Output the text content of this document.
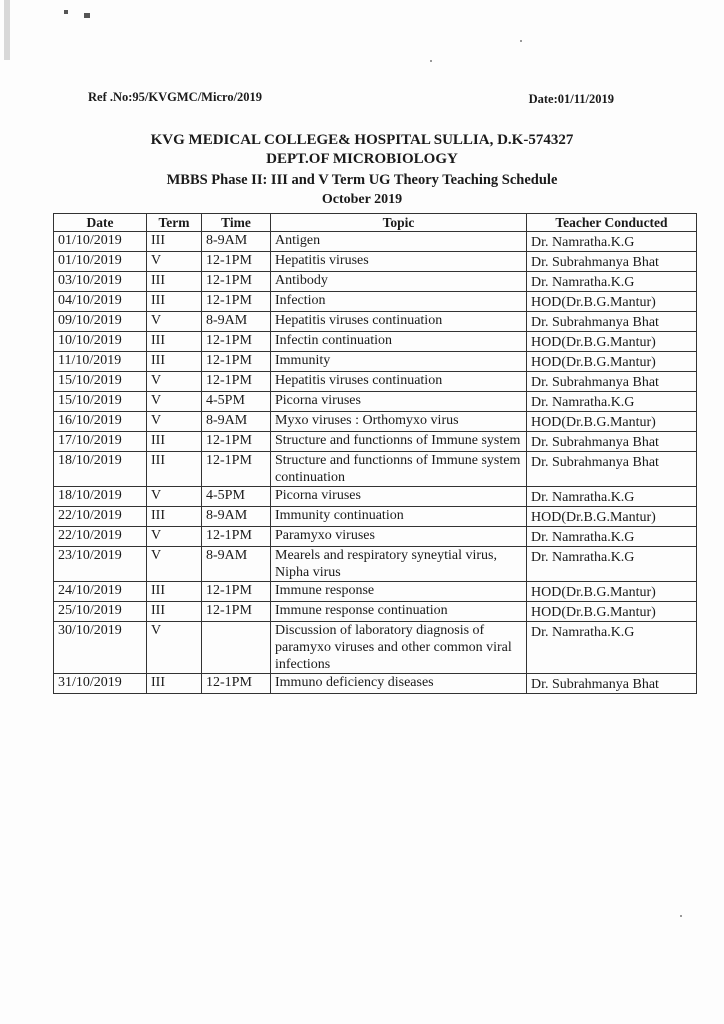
Ref .No:95/KVGMC/Micro/2019	Date:01/11/2019
KVG MEDICAL COLLEGE& HOSPITAL SULLIA, D.K-574327
DEPT.OF MICROBIOLOGY
MBBS Phase II: III and V Term UG Theory Teaching Schedule
October 2019
Date	Term	Time	Topic	Teacher Conducted
01/10/2019	III	8-9AM	Antigen	Dr. Namratha.K.G
01/10/2019	V	12-1PM	Hepatitis viruses	Dr. Subrahmanya Bhat
03/10/2019	III	12-1PM	Antibody	Dr. Namratha.K.G
04/10/2019	III	12-1PM	Infection	HOD(Dr.B.G.Mantur)
09/10/2019	V	8-9AM	Hepatitis viruses continuation	Dr. Subrahmanya Bhat
10/10/2019	III	12-1PM	Infectin continuation	HOD(Dr.B.G.Mantur)
11/10/2019	III	12-1PM	Immunity	HOD(Dr.B.G.Mantur)
15/10/2019	V	12-1PM	Hepatitis viruses continuation	Dr. Subrahmanya Bhat
15/10/2019	V	4-5PM	Picorna viruses	Dr. Namratha.K.G
16/10/2019	V	8-9AM	Myxo viruses : Orthomyxo virus	HOD(Dr.B.G.Mantur)
17/10/2019	III	12-1PM	Structure and functionns of Immune system	Dr. Subrahmanya Bhat
18/10/2019	III	12-1PM	Structure and functionns of Immune system continuation	Dr. Subrahmanya Bhat
18/10/2019	V	4-5PM	Picorna viruses	Dr. Namratha.K.G
22/10/2019	III	8-9AM	Immunity continuation	HOD(Dr.B.G.Mantur)
22/10/2019	V	12-1PM	Paramyxo viruses	Dr. Namratha.K.G
23/10/2019	V	8-9AM	Mearels and respiratory syneytial virus, Nipha virus	Dr. Namratha.K.G
24/10/2019	III	12-1PM	Immune response	HOD(Dr.B.G.Mantur)
25/10/2019	III	12-1PM	Immune response continuation	HOD(Dr.B.G.Mantur)
30/10/2019	V		Discussion of laboratory diagnosis of paramyxo viruses and other common viral infections	Dr. Namratha.K.G
31/10/2019	III	12-1PM	Immuno deficiency diseases	Dr. Subrahmanya Bhat
